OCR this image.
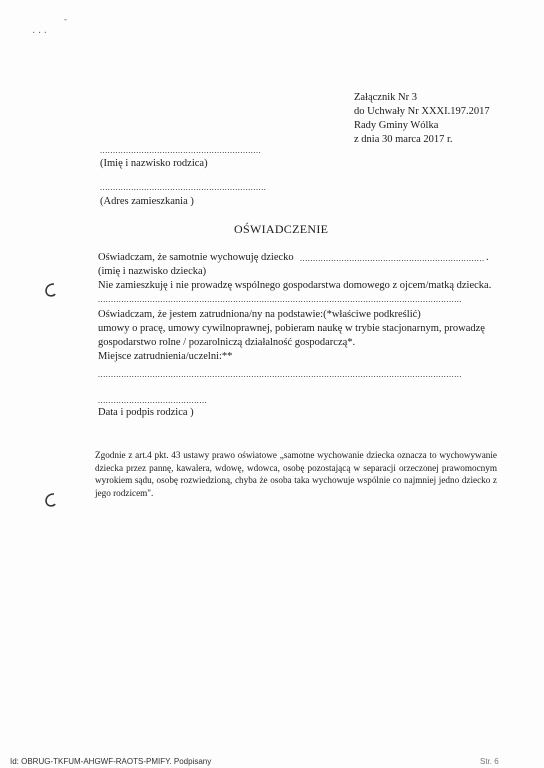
· · ·
-
Załącznik Nr 3
do Uchwały Nr XXXI.197.2017
Rady Gminy Wólka
z dnia 30 marca 2017 r.
..............................................................
(Imię i nazwisko rodzica)
................................................................
(Adres zamieszkania )
OŚWIADCZENIE
Oświadczam, że samotnie wychowuję dziecko ....................................................................... .
(imię i nazwisko dziecka)
Nie zamieszkuję i nie prowadzę wspólnego gospodarstwa domowego z ojcem/matką dziecka.
............................................................................................................................................
Oświadczam, że jestem zatrudniona/ny na podstawie:(*właściwe podkreślić)
umowy o pracę, umowy cywilnoprawnej, pobieram naukę w trybie stacjonarnym, prowadzę
gospodarstwo rolne / pozarolniczą działalność gospodarczą*.
Miejsce zatrudnienia/uczelni:**
............................................................................................................................................
..........................................
Data i podpis rodzica )
Zgodnie z art.4 pkt. 43 ustawy prawo oświatowe „samotne wychowanie dziecka oznacza to wychowywanie dziecka przez pannę, kawalera, wdowę, wdowca, osobę pozostającą w separacji orzeczonej prawomocnym wyrokiem sądu, osobę rozwiedzioną, chyba że osoba taka wychowuje wspólnie co najmniej jedno dziecko z jego rodzicem".
Id: OBRUG-TKFUM-AHGWF-RAOTS-PMIFY. Podpisany	Str. 6
